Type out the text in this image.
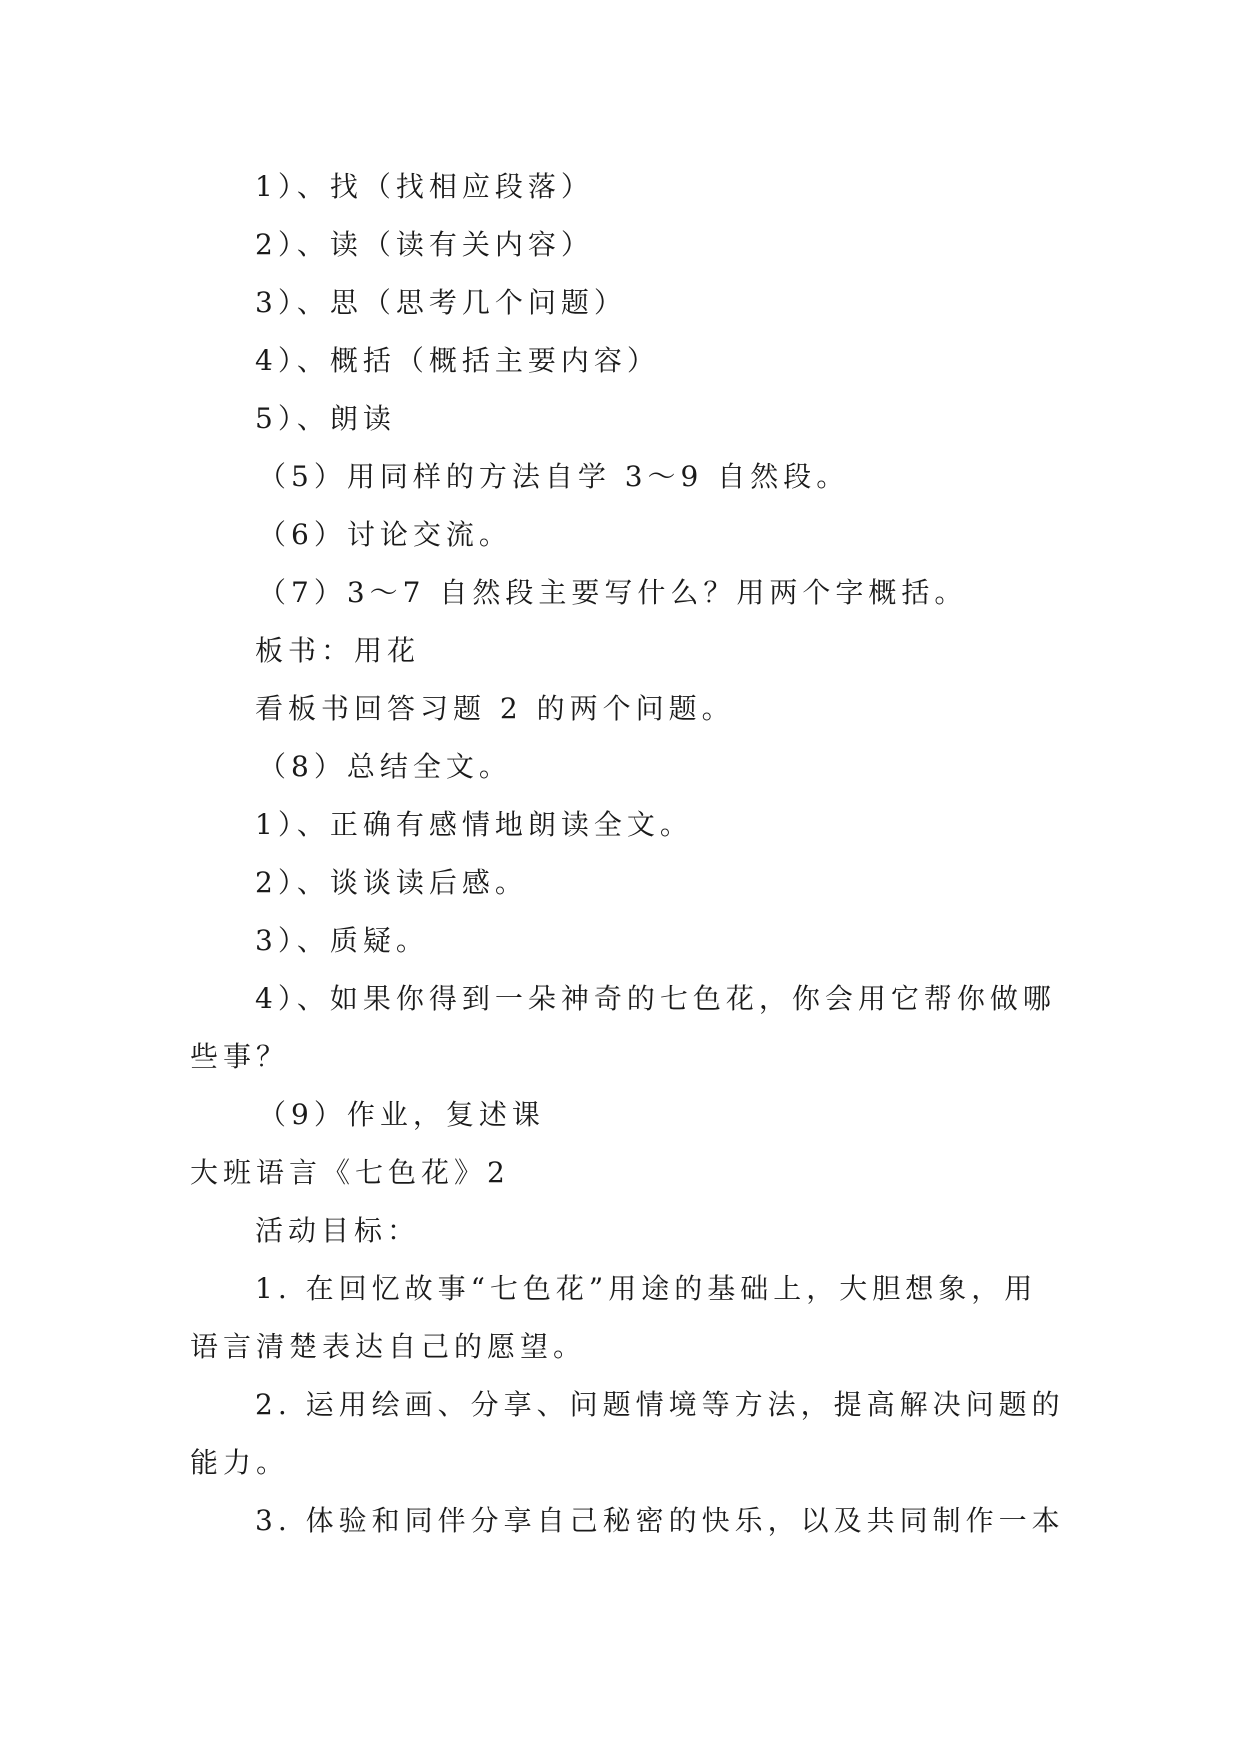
1）、找（找相应段落）
2）、读（读有关内容）
3）、思（思考几个问题）
4）、概括（概括主要内容）
5）、朗读
（5）用同样的方法自学 3～9 自然段。
（6）讨论交流。
（7）3～7 自然段主要写什么？用两个字概括。
板书：用花
看板书回答习题 2 的两个问题。
（8）总结全文。
1）、正确有感情地朗读全文。
2）、谈谈读后感。
3）、质疑。
4）、如果你得到一朵神奇的七色花，你会用它帮你做哪
些事？
（9）作业，复述课
大班语言《七色花》2
活动目标：
1. 在回忆故事“七色花”用途的基础上，大胆想象，用
语言清楚表达自己的愿望。
2. 运用绘画、分享、问题情境等方法，提高解决问题的
能力。
3. 体验和同伴分享自己秘密的快乐，以及共同制作一本
